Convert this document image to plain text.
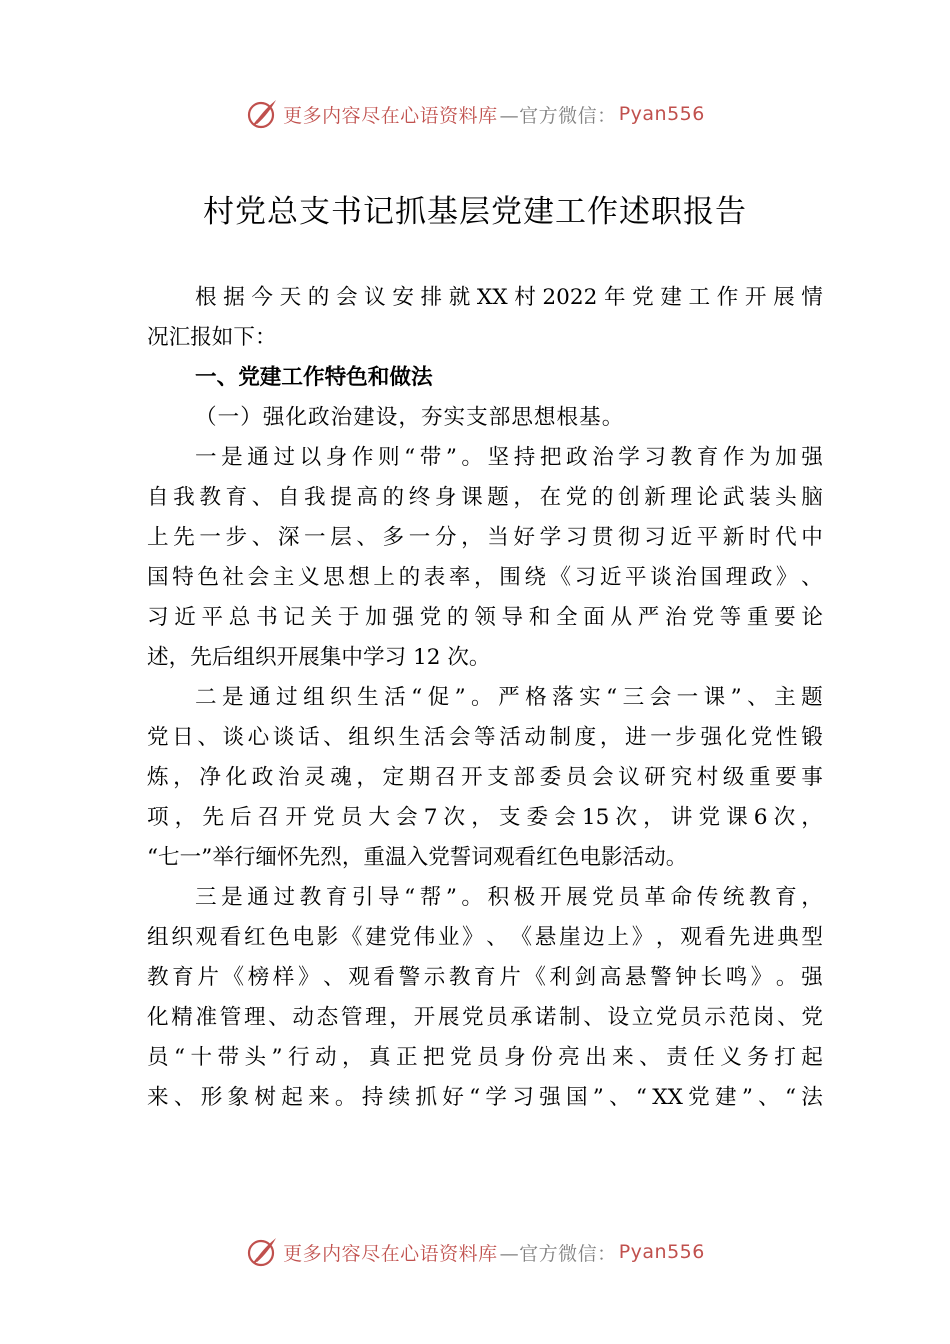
更多内容尽在心语资料库 —官方微信： Pyan556
村党总支书记抓基层党建工作述职报告
根 据 今 天 的 会 议 安 排 就 XX 村 2022 年 党 建 工 作 开 展 情
况汇报如下：
一、党建工作特色和做法
（一）强化政治建设，夯实支部思想根基。
一 是 通 过 以 身 作 则 “ 带 ” 。 坚 持 把 政 治 学 习 教 育 作 为 加 强
自 我 教 育 、 自 我 提 高 的 终 身 课 题 ， 在 党 的 创 新 理 论 武 装 头 脑
上 先 一 步 、 深 一 层 、 多 一 分 ， 当 好 学 习 贯 彻 习 近 平 新 时 代 中
国 特 色 社 会 主 义 思 想 上 的 表 率 ， 围 绕 《 习 近 平 谈 治 国 理 政 》 、
习 近 平 总 书 记 关 于 加 强 党 的 领 导 和 全 面 从 严 治 党 等 重 要 论
述，先后组织开展集中学习 12 次。
二 是 通 过 组 织 生 活 “ 促 ” 。 严 格 落 实 “ 三 会 一 课 ” 、 主 题
党 日 、 谈 心 谈 话 、 组 织 生 活 会 等 活 动 制 度 ， 进 一 步 强 化 党 性 锻
炼 ， 净 化 政 治 灵 魂 ， 定 期 召 开 支 部 委 员 会 议 研 究 村 级 重 要 事
项 ， 先 后 召 开 党 员 大 会 7 次 ， 支 委 会 15 次 ， 讲 党 课 6 次 ，
“七一”举行缅怀先烈，重温入党誓词观看红色电影活动。
三 是 通 过 教 育 引 导 “ 帮 ” 。 积 极 开 展 党 员 革 命 传 统 教 育 ，
组 织 观 看 红 色 电 影 《 建 党 伟 业 》 、 《 悬 崖 边 上 》 ， 观 看 先 进 典 型
教 育 片 《 榜 样 》 、 观 看 警 示 教 育 片 《 利 剑 高 悬 警 钟 长 鸣 》 。 强
化 精 准 管 理 、 动 态 管 理 ， 开 展 党 员 承 诺 制 、 设 立 党 员 示 范 岗 、 党
员 “ 十 带 头 ” 行 动 ， 真 正 把 党 员 身 份 亮 出 来 、 责 任 义 务 打 起
来 、 形 象 树 起 来 。 持 续 抓 好 “ 学 习 强 国 ” 、 “ XX 党 建 ” 、 “ 法
更多内容尽在心语资料库 —官方微信： Pyan556
